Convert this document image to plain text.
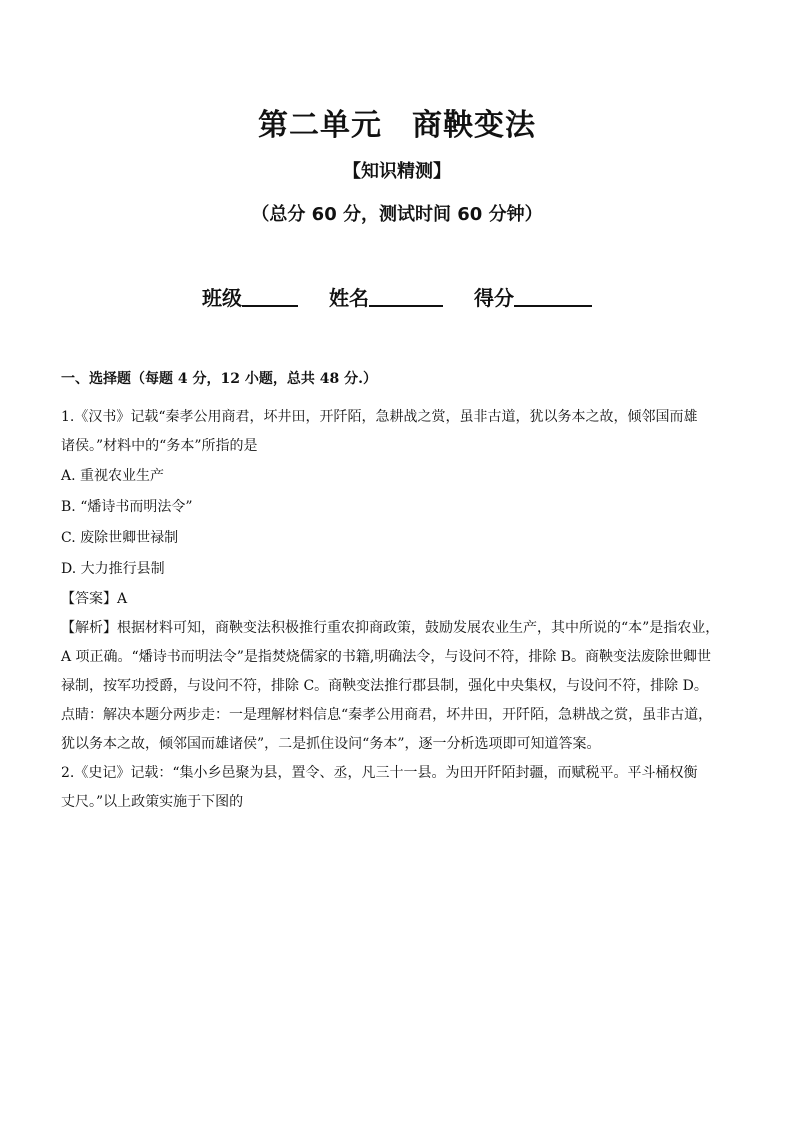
第二单元 商鞅变法
【知识精测】
（总分 60 分，测试时间 60 分钟）
班级	姓名	得分
一、选择题（每题 4 分，12 小题，总共 48 分.）

1.《汉书》记载“秦孝公用商君，坏井田，开阡陌，急耕战之赏，虽非古道，犹以务本之故，倾邻国而雄

诸侯。”材料中的“务本”所指的是

A. 重视农业生产

B. “燔诗书而明法令”

C. 废除世卿世禄制

D. 大力推行县制

【答案】A

【解析】根据材料可知，商鞅变法积极推行重农抑商政策，鼓励发展农业生产，其中所说的“本”是指农业，

A 项正确。“燔诗书而明法令”是指焚烧儒家的书籍,明确法令，与设问不符，排除 B。商鞅变法废除世卿世

禄制，按军功授爵，与设问不符，排除 C。商鞅变法推行郡县制，强化中央集权，与设问不符，排除 D。

点睛：解决本题分两步走：一是理解材料信息“秦孝公用商君，坏井田，开阡陌，急耕战之赏，虽非古道，

犹以务本之故，倾邻国而雄诸侯”，二是抓住设问“务本”，逐一分析选项即可知道答案。

2.《史记》记载：“集小乡邑聚为县，置令、丞，凡三十一县。为田开阡陌封疆，而赋税平。平斗桶权衡

丈尺。”以上政策实施于下图的
